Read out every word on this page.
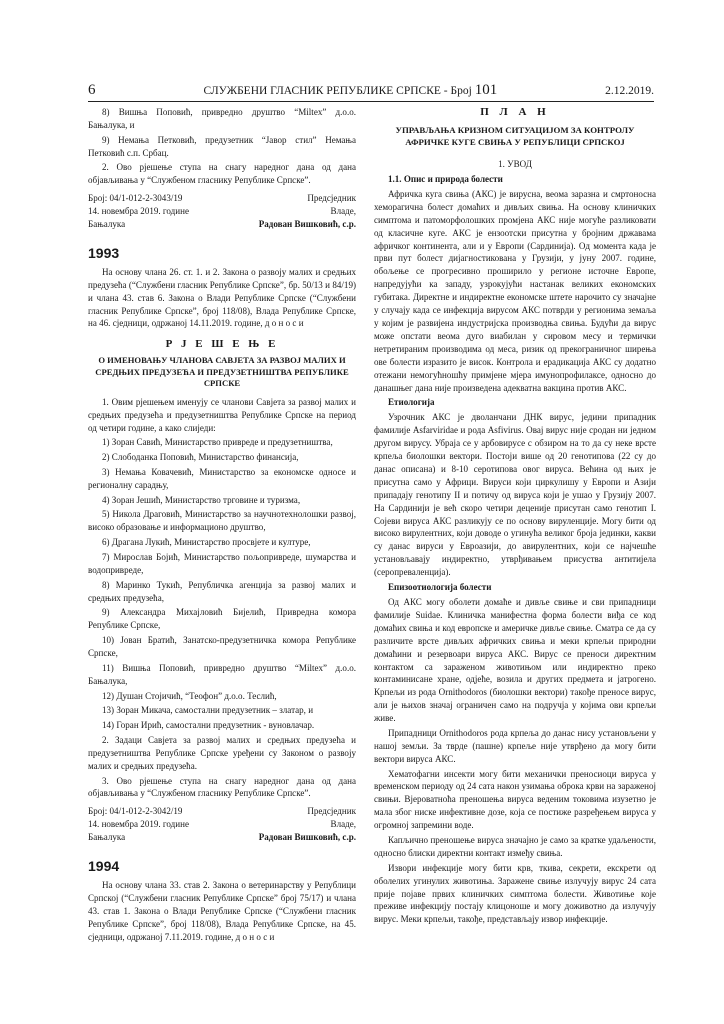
6	СЛУЖБЕНИ ГЛАСНИК РЕПУБЛИКЕ СРПСКЕ - Број 101	2.12.2019.

8) Вишња Поповић, привредно друштво “Miltex” д.о.о. Бањалука, и

9) Немања Петковић, предузетник “Јавор стил” Немања Петковић с.п. Србац.

2. Ово рјешење ступа на снагу наредног дана од дана објављивања у “Службеном гласнику Републике Српске”.

Број: 04/1-012-2-3043/19	Предсједник
14. новембра 2019. године	Владе,
Бањалука	Радован Вишковић, с.р.
1993

На основу члана 26. ст. 1. и 2. Закона о развоју малих и средњих предузећа (“Службени гласник Републике Српске”, бр. 50/13 и 84/19) и члана 43. став 6. Закона о Влади Републике Српске (“Службени гласник Републике Српске”, број 118/08), Влада Републике Српске, на 46. сједници, одржаној 14.11.2019. године, д о н о с и

Р Ј Е Ш Е Њ Е
О ИМЕНОВАЊУ ЧЛАНОВА САВЈЕТА ЗА РАЗВОЈ МАЛИХ И СРЕДЊИХ ПРЕДУЗЕЋА И ПРЕДУЗЕТНИШТВА РЕПУБЛИКЕ СРПСКЕ

1. Овим рјешењем именују се чланови Савјета за развој малих и средњих предузећа и предузетништва Републике Српске на период од четири године, а како слиједи:

1) Зоран Савић, Министарство привреде и предузетништва,

2) Слободанка Поповић, Министарство финансија,

3) Немања Ковачевић, Министарство за економске односе и регионалну сарадњу,

4) Зоран Јешић, Министарство трговине и туризма,

5) Никола Драговић, Министарство за научнотехнолошки развој, високо образовање и информационо друштво,

6) Драгана Лукић, Министарство просвјете и културе,

7) Мирослав Бојић, Министарство пољопривреде, шумарства и водопривреде,

8) Маринко Тукић, Републичка агенција за развој малих и средњих предузећа,

9) Александра Михајловић Бијелић, Привредна комора Републике Српске,

10) Јован Братић, Занатско-предузетничка комора Републике Српске,

11) Вишња Поповић, привредно друштво “Miltex” д.о.о. Бањалука,

12) Душан Стојичић, “Теофон” д.о.о. Теслић,

13) Зоран Микача, самостални предузетник – златар, и

14) Горан Ирић, самостални предузетник - вуновлачар.

2. Задаци Савјета за развој малих и средњих предузећа и предузетништва Републике Српске уређени су Законом о развоју малих и средњих предузећа.

3. Ово рјешење ступа на снагу наредног дана од дана објављивања у “Службеном гласнику Републике Српске”.

Број: 04/1-012-2-3042/19	Предсједник
14. новембра 2019. године	Владе,
Бањалука	Радован Вишковић, с.р.
1994

На основу члана 33. став 2. Закона о ветеринарству у Републици Српској (“Службени гласник Републике Српске” број 75/17) и члана 43. став 1. Закона о Влади Републике Српске (“Службени гласник Републике Српске”, број 118/08), Влада Републике Српске, на 45. сједници, одржаној 7.11.2019. године, д о н о с и

П Л А Н
УПРАВЉАЊА КРИЗНОМ СИТУАЦИЈОМ ЗА КОНТРОЛУ АФРИЧКЕ КУГЕ СВИЊА У РЕПУБЛИЦИ СРПСКОЈ
1. УВОД
1.1. Опис и природа болести

Афричка куга свиња (АКС) је вирусна, веома заразна и смртоносна хеморагична болест домаћих и дивљих свиња. На основу клиничких симптома и патоморфолошких промјена АКС није могуће разликовати од класичне куге. АКС је ензоотски присутна у бројним државама афричког континента, али и у Европи (Сардинија). Од момента када је први пут болест дијагностикована у Грузији, у јуну 2007. године, обољење се прогресивно проширило у регионе источне Европе, напредујући ка западу, узрокујући настанак великих економских губитака. Директне и индиректне економске штете нарочито су значајне у случају када се инфекција вирусом АКС потврди у регионима земаља у којим је развијена индустријска производња свиња. Будући да вирус може опстати веома дуго виабилан у сировом месу и термички нетретираним производима од меса, ризик од прекограничног ширења ове болести изразито је висок. Контрола и ерадикација АКС су додатно отежани немогућношћу примјене мјера имунопрофилаксе, односно до данашњег дана није произведена адекватна вакцина против АКС.

Етиологија

Узрочник АКС је дволанчани ДНК вирус, једини припадник фамилије Asfarviridae и рода Asfivirus. Овај вирус није сродан ни једном другом вирусу. Убраја се у арбовирусе с обзиром на то да су неке врсте крпеља биолошки вектори. Постоји више од 20 генотипова (22 су до данас описана) и 8-10 серотипова овог вируса. Већина од њих је присутна само у Африци. Вируси који циркулишу у Европи и Азији припадају генотипу II и потичу од вируса који је ушао у Грузију 2007. На Сардинији је већ скоро четири деценије присутан само генотип I. Сојеви вируса АКС разликују се по основу вируленције. Могу бити од високо вирулентних, који доводе о угинућа великог броја јединки, какви су данас вируси у Евроазији, до авирулентних, који се најчешће установљавају индиректно, утврђивањем присуства антитијела (серопреваленција).

Епизоотиологија болести

Од АКС могу оболети домаће и дивље свиње и сви припадници фамилије Suidae. Клиничка манифестна форма болести виђа се код домаћих свиња и код европске и америчке дивље свиње. Сматра се да су различите врсте дивљих афричких свиња и меки крпељи природни домаћини и резервоари вируса АКС. Вирус се преноси директним контактом са зараженом животињом или индиректно преко контаминисане хране, одјеће, возила и других предмета и јатрогено. Крпељи из рода Ornithodoros (биолошки вектори) такође преносе вирус, али је њихов значај ограничен само на подручја у којима ови крпељи живе.

Припадници Ornithodoros рода крпеља до данас нису установљени у нашој земљи. За тврде (пашне) крпеље није утврђено да могу бити вектори вируса АКС.

Хематофагни инсекти могу бити механички преносиоци вируса у временском периоду од 24 сата након узимања оброка крви на зараженој свињи. Вјероватноћа преношења вируса веденим токовима изузетно је мала због ниске инфективне дозе, која се постиже разређењем вируса у огромној запремини воде.

Капљично преношење вируса значајно је само за кратке удаљености, односно блиски директни контакт између свиња.

Извори инфекције могу бити крв, ткива, секрети, екскрети од оболелих угинулих животиња. Заражене свиње излучују вирус 24 сата прије појаве првих клиничких симптома болести. Животиње које преживе инфекцију постају клицоноше и могу доживотно да излучују вирус. Меки крпељи, такође, представљају извор инфекције.
